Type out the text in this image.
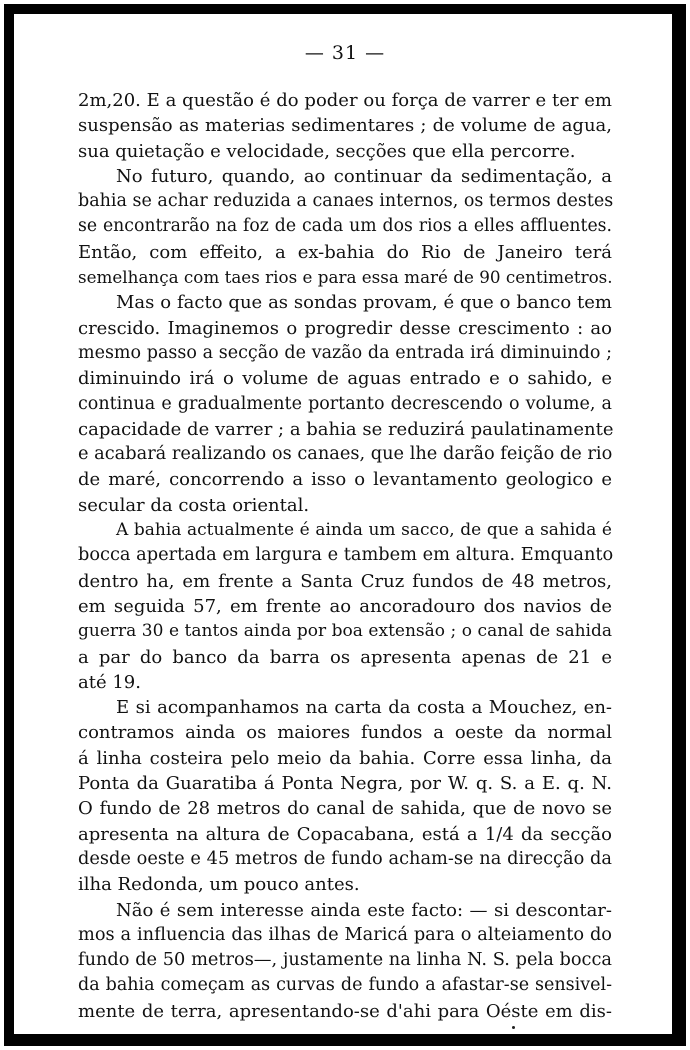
— 31 —

2m,20. E a questão é do poder ou força de varrer e ter em
suspensão as materias sedimentares ; de volume de agua,
sua quietação e velocidade, secções que ella percorre.

No futuro, quando, ao continuar da sedimentação, a
bahia se achar reduzida a canaes internos, os termos destes
se encontrarão na foz de cada um dos rios a elles affluentes.
Então, com effeito, a ex-bahia do Rio de Janeiro terá
semelhança com taes rios e para essa maré de 90 centimetros.

Mas o facto que as sondas provam, é que o banco tem
crescido. Imaginemos o progredir desse crescimento : ao
mesmo passo a secção de vazão da entrada irá diminuindo ;
diminuindo irá o volume de aguas entrado e o sahido, e
continua e gradualmente portanto decrescendo o volume, a
capacidade de varrer ; a bahia se reduzirá paulatinamente
e acabará realizando os canaes, que lhe darão feição de rio
de maré, concorrendo a isso o levantamento geologico e
secular da costa oriental.

A bahia actualmente é ainda um sacco, de que a sahida é
bocca apertada em largura e tambem em altura. Emquanto
dentro ha, em frente a Santa Cruz fundos de 48 metros,
em seguida 57, em frente ao ancoradouro dos navios de
guerra 30 e tantos ainda por boa extensão ; o canal de sahida
a par do banco da barra os apresenta apenas de 21 e
até 19.

E si acompanhamos na carta da costa a Mouchez, en-
contramos ainda os maiores fundos a oeste da normal
á linha costeira pelo meio da bahia. Corre essa linha, da
Ponta da Guaratiba á Ponta Negra, por W. q. S. a E. q. N.
O fundo de 28 metros do canal de sahida, que de novo se
apresenta na altura de Copacabana, está a 1/4 da secção
desde oeste e 45 metros de fundo acham-se na direcção da
ilha Redonda, um pouco antes.

Não é sem interesse ainda este facto: — si descontar-
mos a influencia das ilhas de Maricá para o alteiamento do
fundo de 50 metros—, justamente na linha N. S. pela bocca
da bahia começam as curvas de fundo a afastar-se sensivel-
mente de terra, apresentando-se d'ahi para Oéste em dis-
